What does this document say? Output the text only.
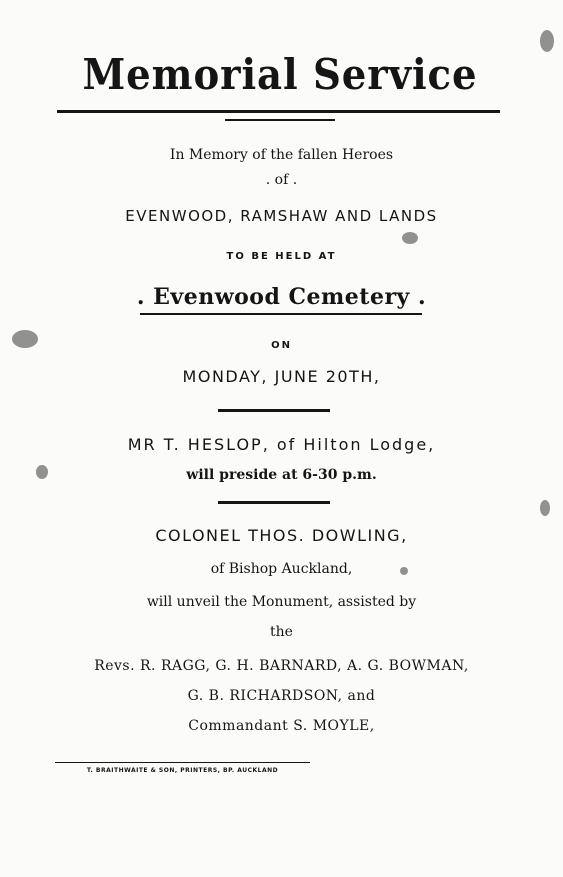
Memorial Service
In Memory of the fallen Heroes
. of .
EVENWOOD, RAMSHAW AND LANDS
TO BE HELD AT
. Evenwood Cemetery .
ON
MONDAY, JUNE 20TH,
MR T. HESLOP, of Hilton Lodge,
will preside at 6-30 p.m.
COLONEL THOS. DOWLING,
of Bishop Auckland,
will unveil the Monument, assisted by
the
Revs. R. RAGG, G. H. BARNARD, A. G. BOWMAN,
G. B. RICHARDSON, and
Commandant S. MOYLE,
T. BRAITHWAITE & SON, PRINTERS, BP. AUCKLAND
